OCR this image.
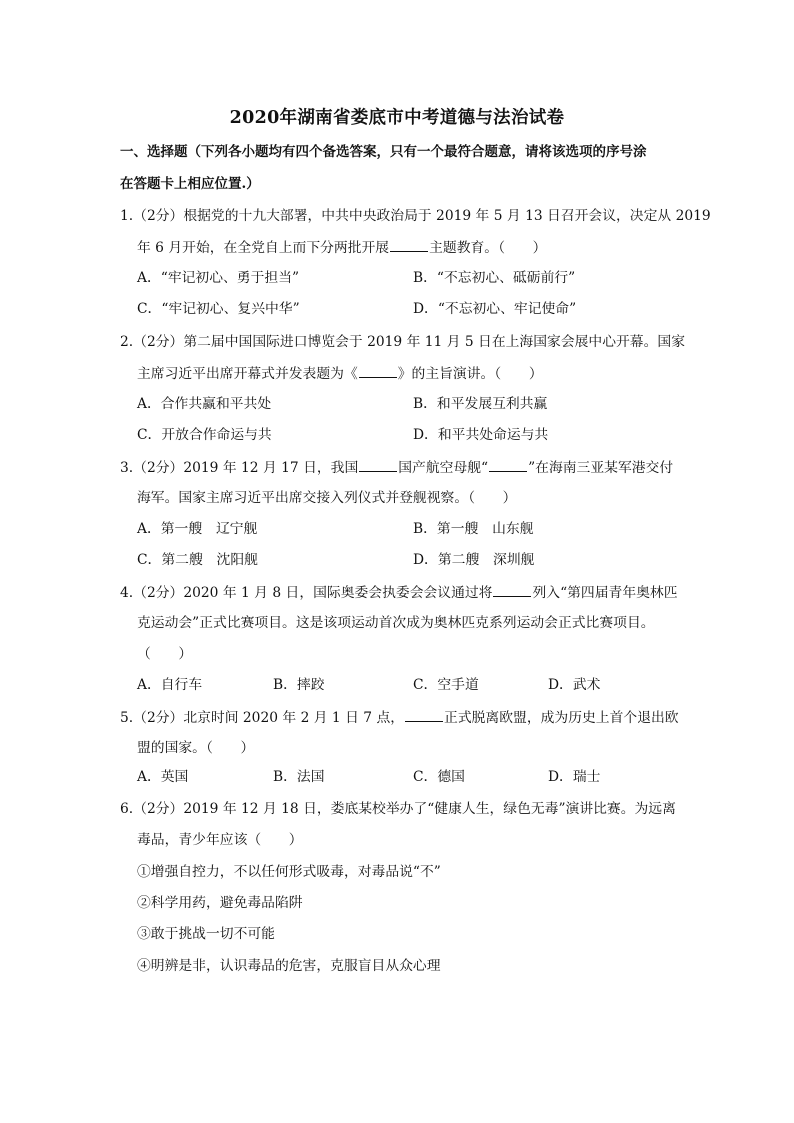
2020年湖南省娄底市中考道德与法治试卷
一、选择题（下列各小题均有四个备选答案，只有一个最符合题意，请将该选项的序号涂
在答题卡上相应位置.）
1.（2分）根据党的十九大部署，中共中央政治局于 2019 年 5 月 13 日召开会议，决定从 2019
年 6 月开始，在全党自上而下分两批开展	主题教育。（　　）
A．“牢记初心、勇于担当”	B．“不忘初心、砥砺前行”
C．“牢记初心、复兴中华”	D．“不忘初心、牢记使命”
2.（2分）第二届中国国际进口博览会于 2019 年 11 月 5 日在上海国家会展中心开幕。国家
主席习近平出席开幕式并发表题为《	》的主旨演讲。（　　）
A．合作共赢和平共处	B．和平发展互利共赢
C．开放合作命运与共	D．和平共处命运与共
3.（2分）2019 年 12 月 17 日，我国	国产航空母舰“	”在海南三亚某军港交付
海军。国家主席习近平出席交接入列仪式并登舰视察。（　　）
A．第一艘　辽宁舰	B．第一艘　山东舰
C．第二艘　沈阳舰	D．第二艘　深圳舰
4.（2分）2020 年 1 月 8 日，国际奥委会执委会会议通过将	列入“第四届青年奥林匹
克运动会”正式比赛项目。这是该项运动首次成为奥林匹克系列运动会正式比赛项目。
（　　）
A．自行车	B．摔跤	C．空手道	D．武术
5.（2分）北京时间 2020 年 2 月 1 日 7 点，	正式脱离欧盟，成为历史上首个退出欧
盟的国家。（　　）
A．英国	B．法国	C．德国	D．瑞士
6.（2分）2019 年 12 月 18 日，娄底某校举办了“健康人生，绿色无毒”演讲比赛。为远离
毒品，青少年应该（　　）
①增强自控力，不以任何形式吸毒，对毒品说“不”
②科学用药，避免毒品陷阱
③敢于挑战一切不可能
④明辨是非，认识毒品的危害，克服盲目从众心理
